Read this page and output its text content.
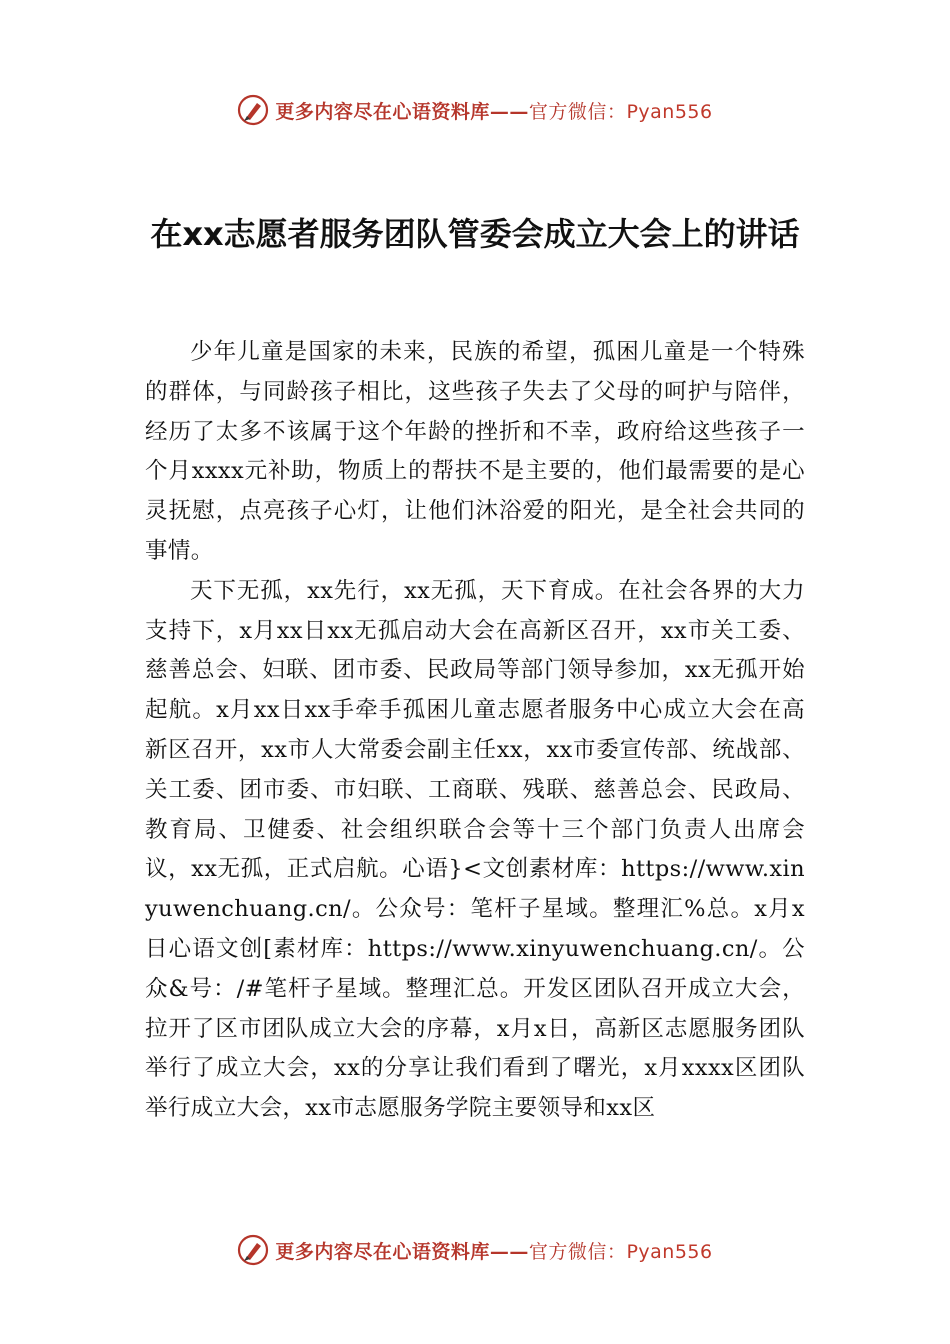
更多内容尽在心语资料库——官方微信：Pyan556
在xx志愿者服务团队管委会成立大会上的讲话

少年儿童是国家的未来，民族的希望，孤困儿童是一个特殊的群体，与同龄孩子相比，这些孩子失去了父母的呵护与陪伴，经历了太多不该属于这个年龄的挫折和不幸，政府给这些孩子一个月xxxx元补助，物质上的帮扶不是主要的，他们最需要的是心灵抚慰，点亮孩子心灯，让他们沐浴爱的阳光，是全社会共同的事情。

天下无孤，xx先行，xx无孤，天下育成。在社会各界的大力支持下，x月xx日xx无孤启动大会在高新区召开，xx市关工委、慈善总会、妇联、团市委、民政局等部门领导参加，xx无孤开始起航。x月xx日xx手牵手孤困儿童志愿者服务中心成立大会在高新区召开，xx市人大常委会副主任xx，xx市委宣传部、统战部、关工委、团市委、市妇联、工商联、残联、慈善总会、民政局、教育局、卫健委、社会组织联合会等十三个部门负责人出席会议，xx无孤，正式启航。心语}<文创素材库：https://www.xinyuwenchuang.cn/。公众号：笔杆子星域。整理汇%总。x月x日心语文创[素材库：https://www.xinyuwenchuang.cn/。公众&号：/#笔杆子星域。整理汇总。开发区团队召开成立大会，拉开了区市团队成立大会的序幕，x月x日，高新区志愿服务团队举行了成立大会，xx的分享让我们看到了曙光，x月xxxx区团队举行成立大会，xx市志愿服务学院主要领导和xx区

更多内容尽在心语资料库——官方微信：Pyan556
